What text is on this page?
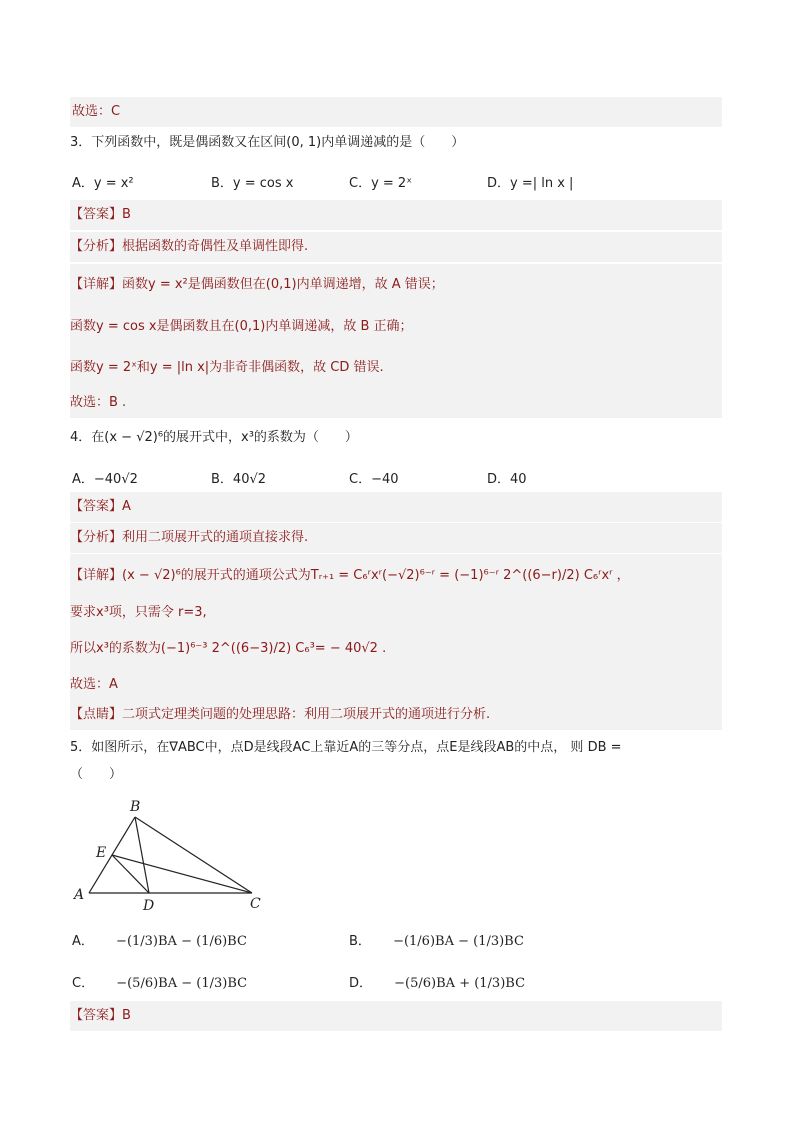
故选：C
3．下列函数中，既是偶函数又在区间(0, 1)内单调递减的是（　　）
A．y = x²	B．y = cos x	C．y = 2ˣ	D．y =| ln x |
【答案】B
【分析】根据函数的奇偶性及单调性即得.
【详解】函数y = x²是偶函数但在(0,1)内单调递增，故 A 错误；
函数y = cos x是偶函数且在(0,1)内单调递减，故 B 正确；
函数y = 2ˣ和y = |ln x|为非奇非偶函数，故 CD 错误.
故选：B .
4．在(x − √2)⁶的展开式中，x³的系数为（　　）
A．−40√2	B．40√2	C．−40	D．40
【答案】A
【分析】利用二项展开式的通项直接求得.
【详解】(x − √2)⁶的展开式的通项公式为Tᵣ₊₁ = C₆ʳxʳ(−√2)⁶⁻ʳ = (−1)⁶⁻ʳ 2^((6−r)/2) C₆ʳxʳ ，
要求x³项，只需令 r=3,
所以x³的系数为(−1)⁶⁻³ 2^((6−3)/2) C₆³= − 40√2 .
故选：A
【点睛】二项式定理类问题的处理思路：利用二项展开式的通项进行分析.
5．如图所示，在∇ABC中，点D是线段AC上靠近A的三等分点，点E是线段AB的中点， 则 DB =
（　　）
A
B
C
D
E
A． −(1/3)BA − (1/6)BC	B． −(1/6)BA − (1/3)BC
C． −(5/6)BA − (1/3)BC	D． −(5/6)BA + (1/3)BC
【答案】B
